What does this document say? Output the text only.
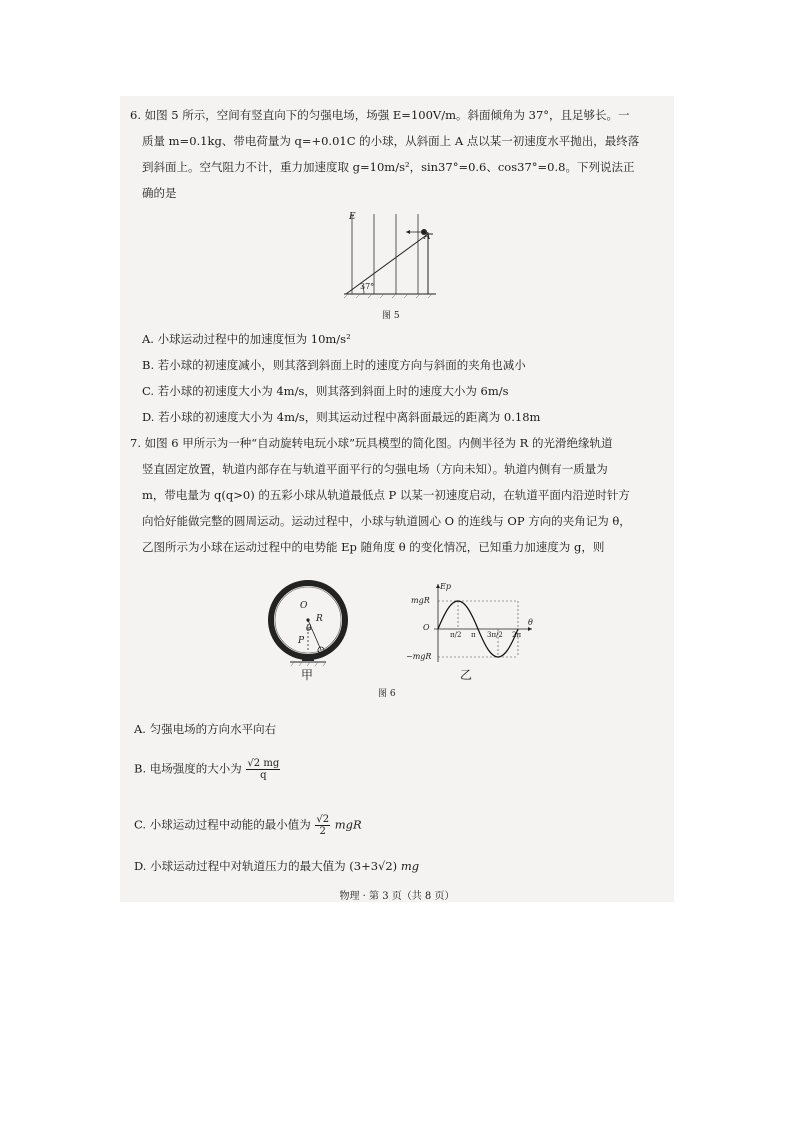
6. 如图 5 所示，空间有竖直向下的匀强电场，场强 E=100V/m。斜面倾角为 37°，且足够长。一
质量 m=0.1kg、带电荷量为 q=+0.01C 的小球，从斜面上 A 点以某一初速度水平抛出，最终落
到斜面上。空气阻力不计，重力加速度取 g=10m/s²，sin37°=0.6、cos37°=0.8。下列说法正
确的是
E
A
37°
图 5
A. 小球运动过程中的加速度恒为 10m/s²
B. 若小球的初速度减小，则其落到斜面上时的速度方向与斜面的夹角也减小
C. 若小球的初速度大小为 4m/s，则其落到斜面上时的速度大小为 6m/s
D. 若小球的初速度大小为 4m/s，则其运动过程中离斜面最远的距离为 0.18m
7. 如图 6 甲所示为一种“自动旋转电玩小球”玩具模型的简化图。内侧半径为 R 的光滑绝缘轨道
竖直固定放置，轨道内部存在与轨道平面平行的匀强电场（方向未知）。轨道内侧有一质量为
m，带电量为 q(q>0) 的五彩小球从轨道最低点 P 以某一初速度启动，在轨道平面内沿逆时针方
向恰好能做完整的圆周运动。运动过程中，小球与轨道圆心 O 的连线与 OP 方向的夹角记为 θ，
乙图所示为小球在运动过程中的电势能 Ep 随角度 θ 的变化情况，已知重力加速度为 g，则
O
R
θ
P
甲
Ep
mgR
O
−mgR
π/2 π 3π/2 2π
θ
乙
图 6
A. 匀强电场的方向水平向右
B. 电场强度的大小为 $\frac{√2 mg}{q}$
C. 小球运动过程中动能的最小值为 $\frac{√2}{2}$ mgR
D. 小球运动过程中对轨道压力的最大值为 (3+3√2) mg
物理 · 第 3 页（共 8 页）
